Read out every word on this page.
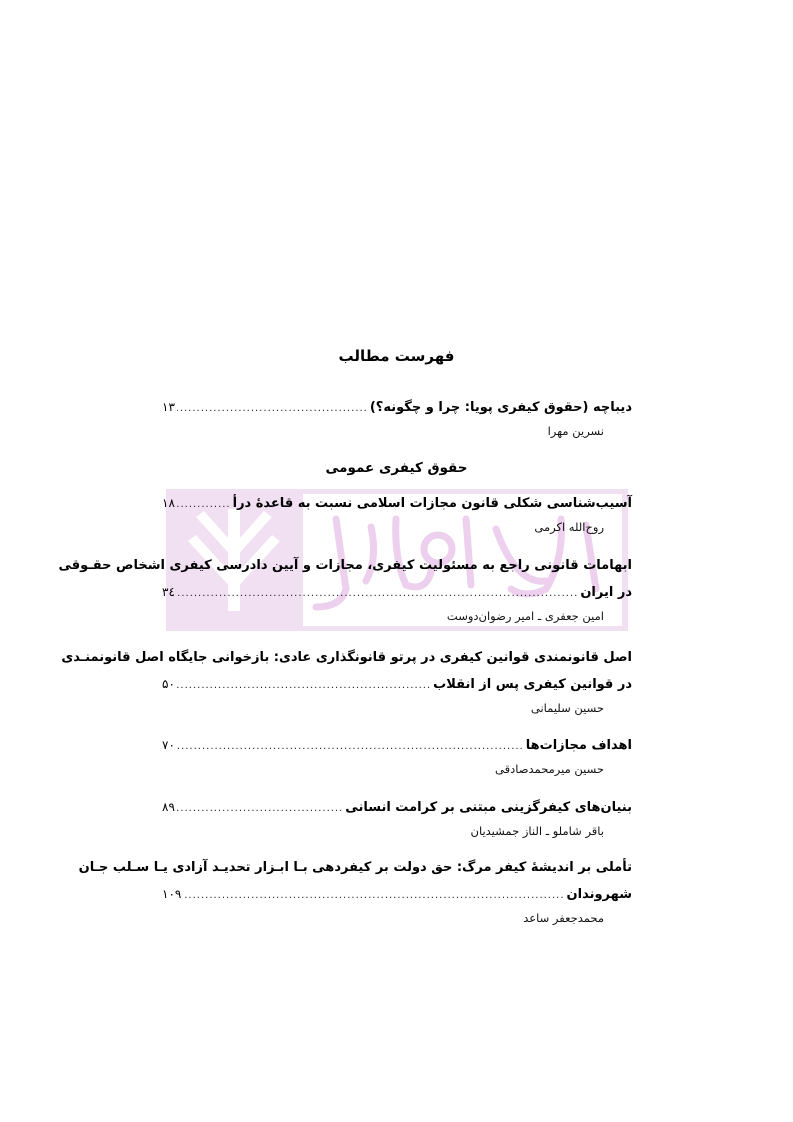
فهرست مطالب
دیباچه (حقوق کیفری پویا: چرا و چگونه؟)
.....
۱۳
نسرین مهرا
حقوق کیفری عمومی
آسیب‌شناسی شکلی قانون مجازات اسلامی نسبت به قاعدهٔ درأ
.....
۱۸
روح‌الله اکرمی
ابهامات قانونی راجع به مسئولیت کیفری، مجازات و آیین دادرسی کیفری اشخاص حقـوقی
در ایران
.....
۳٤
امین جعفری ـ امیر رضوان‌دوست
اصل قانونمندی قوانین کیفری در پرتو قانونگذاری عادی: بازخوانی جایگاه اصل قانونمنـدی
در قوانین کیفری پس از انقلاب
.....
۵۰
حسین سلیمانی
اهداف مجازات‌ها
.....
۷۰
حسین میرمحمدصادقی
بنیان‌های کیفرگزینی مبتنی بر کرامت انسانی
.....
۸۹
باقر شاملو ـ الناز جمشیدیان
تأملی بر اندیشهٔ کیفر مرگ: حق دولت بر کیفردهی بـا ابـزار تحدیـد آزادی یـا سـلب جـان
شهروندان
.....
۱۰۹
محمدجعفر ساعد
